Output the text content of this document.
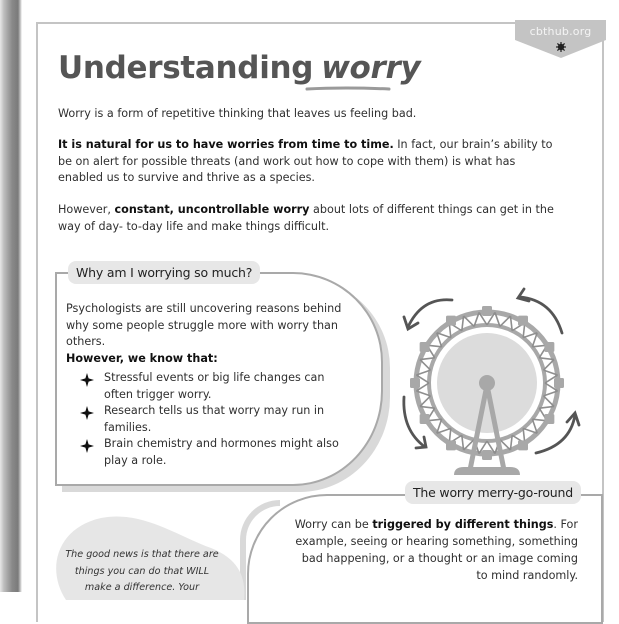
cbthub.org
Understanding worry

Worry is a form of repetitive thinking that leaves us feeling bad.

It is natural for us to have worries from time to time. In fact, our brain’s ability to be on alert for possible threats (and work out how to cope with them) is what has enabled us to survive and thrive as a species.

However, constant, uncontrollable worry about lots of different things can get in the way of day- to-day life and make things difficult.

Why am I worrying so much?

Psychologists are still uncovering reasons behind why some people struggle more with worry than others.
However, we know that:

Stressful events or big life changes can often trigger worry.
Research tells us that worry may run in families.
Brain chemistry and hormones might also play a role.
The worry merry-go-round

Worry can be triggered by different things. For example, seeing or hearing something, something bad happening, or a thought or an image coming to mind randomly.

The good news is that there are things you can do that WILL make a difference. Your
